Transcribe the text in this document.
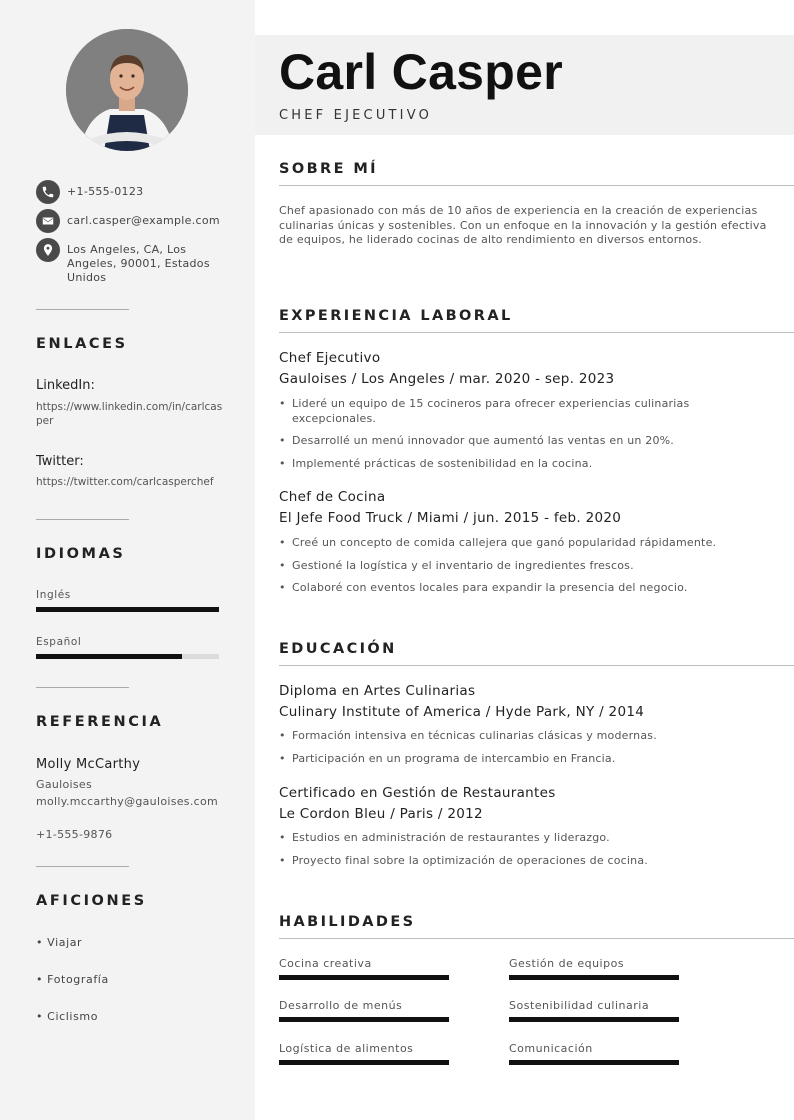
+1-555-0123
carl.casper@example.com
Los Angeles, CA, Los Angeles, 90001, Estados Unidos
ENLACES
LinkedIn:
https://www.linkedin.com/in/carlcasper
Twitter:
https://twitter.com/carlcasperchef
IDIOMAS
Inglés
Español
REFERENCIA
Molly McCarthy
Gauloises
molly.mccarthy@gauloises.com
+1-555-9876
AFICIONES
• Viajar
• Fotografía
• Ciclismo
Carl Casper
CHEF EJECUTIVO
SOBRE MÍ
Chef apasionado con más de 10 años de experiencia en la creación de experiencias culinarias únicas y sostenibles. Con un enfoque en la innovación y la gestión efectiva de equipos, he liderado cocinas de alto rendimiento en diversos entornos.
EXPERIENCIA LABORAL
Chef Ejecutivo
Gauloises / Los Angeles / mar. 2020 - sep. 2023
• Lideré un equipo de 15 cocineros para ofrecer experiencias culinarias excepcionales.
• Desarrollé un menú innovador que aumentó las ventas en un 20%.
• Implementé prácticas de sostenibilidad en la cocina.
Chef de Cocina
El Jefe Food Truck / Miami / jun. 2015 - feb. 2020
• Creé un concepto de comida callejera que ganó popularidad rápidamente.
• Gestioné la logística y el inventario de ingredientes frescos.
• Colaboré con eventos locales para expandir la presencia del negocio.
EDUCACIÓN
Diploma en Artes Culinarias
Culinary Institute of America / Hyde Park, NY / 2014
• Formación intensiva en técnicas culinarias clásicas y modernas.
• Participación en un programa de intercambio en Francia.
Certificado en Gestión de Restaurantes
Le Cordon Bleu / Paris / 2012
• Estudios en administración de restaurantes y liderazgo.
• Proyecto final sobre la optimización de operaciones de cocina.
HABILIDADES
Cocina creativa	Gestión de equipos
Desarrollo de menús	Sostenibilidad culinaria
Logística de alimentos	Comunicación
